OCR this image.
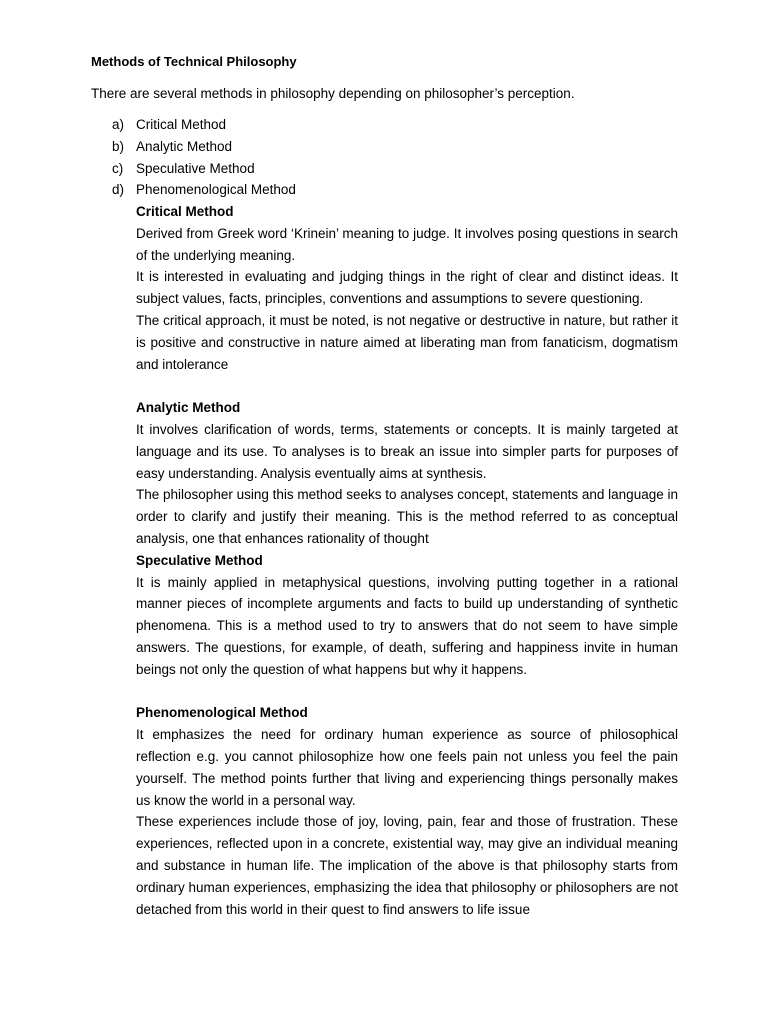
Methods of Technical Philosophy

There are several methods in philosophy depending on philosopher’s perception.

a) Critical Method
b) Analytic Method
c) Speculative Method
d) Phenomenological Method

Critical Method

Derived from Greek word ‘Krinein’ meaning to judge. It involves posing questions in search of the underlying meaning.

It is interested in evaluating and judging things in the right of clear and distinct ideas. It subject values, facts, principles, conventions and assumptions to severe questioning.

The critical approach, it must be noted, is not negative or destructive in nature, but rather it is positive and constructive in nature aimed at liberating man from fanaticism, dogmatism and intolerance

Analytic Method

It involves clarification of words, terms, statements or concepts. It is mainly targeted at language and its use. To analyses is to break an issue into simpler parts for purposes of easy understanding. Analysis eventually aims at synthesis.

The philosopher using this method seeks to analyses concept, statements and language in order to clarify and justify their meaning. This is the method referred to as conceptual analysis, one that enhances rationality of thought

Speculative Method

It is mainly applied in metaphysical questions, involving putting together in a rational manner pieces of incomplete arguments and facts to build up understanding of synthetic phenomena. This is a method used to try to answers that do not seem to have simple answers. The questions, for example, of death, suffering and happiness invite in human beings not only the question of what happens but why it happens.

Phenomenological Method

It emphasizes the need for ordinary human experience as source of philosophical reflection e.g. you cannot philosophize how one feels pain not unless you feel the pain yourself. The method points further that living and experiencing things personally makes us know the world in a personal way.

These experiences include those of joy, loving, pain, fear and those of frustration. These experiences, reflected upon in a concrete, existential way, may give an individual meaning and substance in human life. The implication of the above is that philosophy starts from ordinary human experiences, emphasizing the idea that philosophy or philosophers are not detached from this world in their quest to find answers to life issue
